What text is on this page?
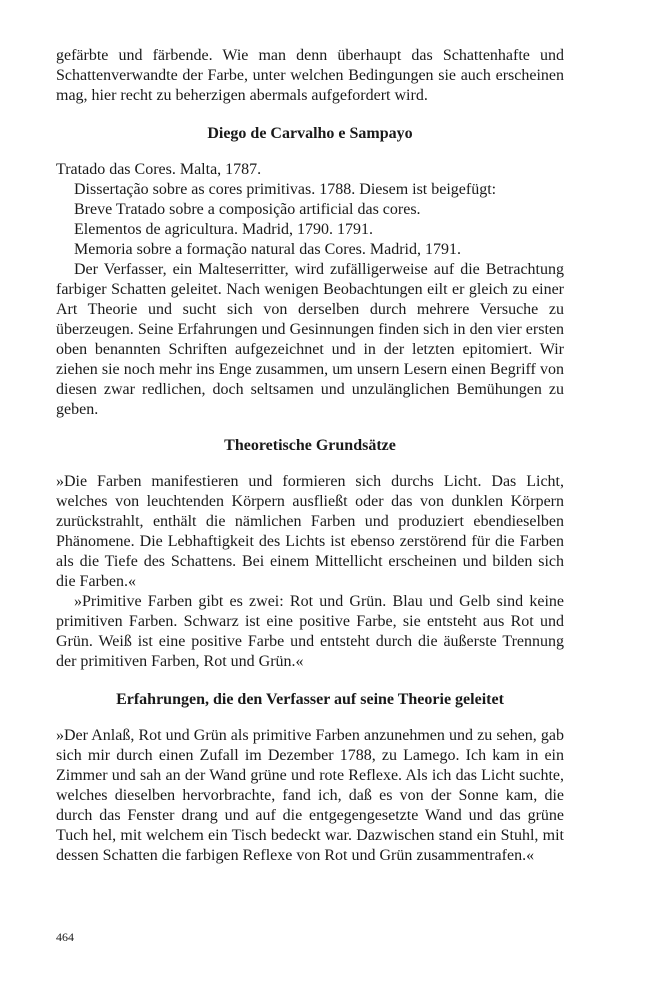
gefärbte und färbende. Wie man denn überhaupt das Schattenhafte und Schattenverwandte der Farbe, unter welchen Bedingungen sie auch erscheinen mag, hier recht zu beherzigen abermals aufgefordert wird.

Diego de Carvalho e Sampayo
Tratado das Cores. Malta, 1787.
Dissertação sobre as cores primitivas. 1788. Diesem ist beigefügt:
Breve Tratado sobre a composição artificial das cores.
Elementos de agricultura. Madrid, 1790. 1791.
Memoria sobre a formação natural das Cores. Madrid, 1791.

Der Verfasser, ein Malteserritter, wird zufälligerweise auf die Betrachtung farbiger Schatten geleitet. Nach wenigen Beobachtungen eilt er gleich zu einer Art Theorie und sucht sich von derselben durch mehrere Versuche zu überzeugen. Seine Erfahrungen und Gesinnungen finden sich in den vier ersten oben benannten Schriften aufgezeichnet und in der letzten epitomiert. Wir ziehen sie noch mehr ins Enge zusammen, um unsern Lesern einen Begriff von diesen zwar redlichen, doch seltsamen und unzulänglichen Bemühungen zu geben.

Theoretische Grundsätze

»Die Farben manifestieren und formieren sich durchs Licht. Das Licht, welches von leuchtenden Körpern ausfließt oder das von dunklen Körpern zurückstrahlt, enthält die nämlichen Farben und produziert ebendieselben Phänomene. Die Lebhaftigkeit des Lichts ist ebenso zerstörend für die Farben als die Tiefe des Schattens. Bei einem Mittellicht erscheinen und bilden sich die Farben.«

»Primitive Farben gibt es zwei: Rot und Grün. Blau und Gelb sind keine primitiven Farben. Schwarz ist eine positive Farbe, sie entsteht aus Rot und Grün. Weiß ist eine positive Farbe und entsteht durch die äußerste Trennung der primitiven Farben, Rot und Grün.«

Erfahrungen, die den Verfasser auf seine Theorie geleitet

»Der Anlaß, Rot und Grün als primitive Farben anzunehmen und zu sehen, gab sich mir durch einen Zufall im Dezember 1788, zu Lamego. Ich kam in ein Zimmer und sah an der Wand grüne und rote Reflexe. Als ich das Licht suchte, welches dieselben hervorbrachte, fand ich, daß es von der Sonne kam, die durch das Fenster drang und auf die entgegengesetzte Wand und das grüne Tuch hel, mit welchem ein Tisch bedeckt war. Dazwischen stand ein Stuhl, mit dessen Schatten die farbigen Reflexe von Rot und Grün zusammentrafen.«

464
